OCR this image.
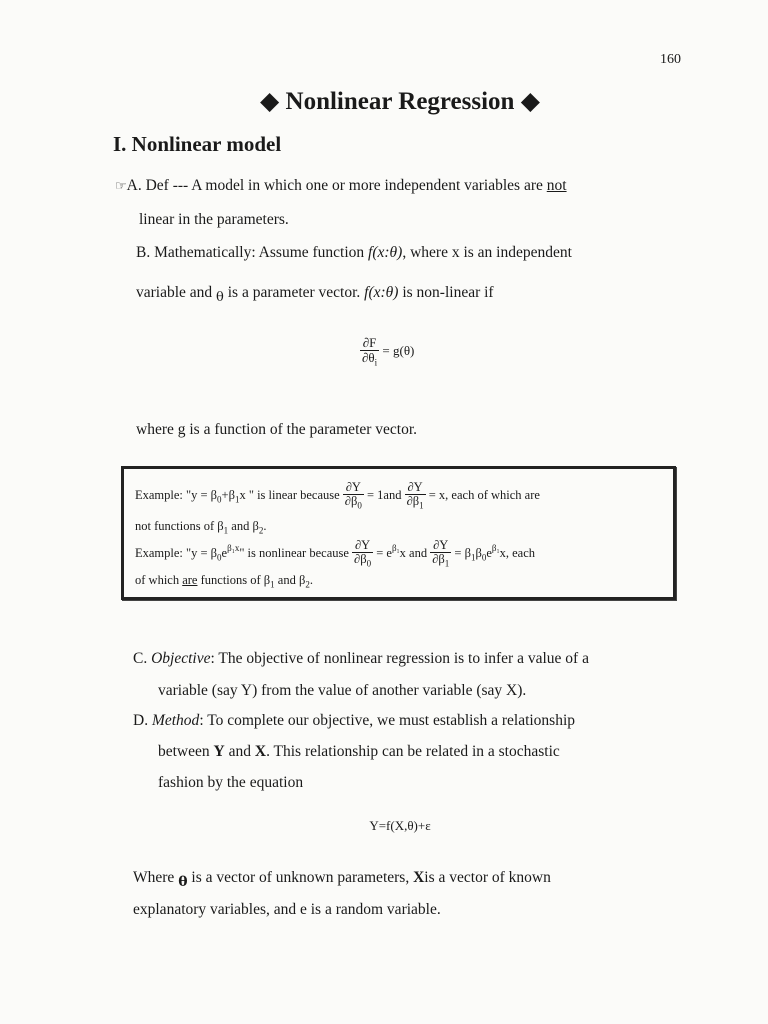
160
◆ Nonlinear Regression ◆
I. Nonlinear model
☞A. Def --- A model in which one or more independent variables are not
linear in the parameters.
B. Mathematically: Assume function f(x:θ), where x is an independent
variable and $_\theta$ is a parameter vector. f(x:θ) is non-linear if
$\frac{\partial F}{\partial\theta_i} = g(\theta)$
where g is a function of the parameter vector.
Example: "$y = \beta_0+\beta_1x$ " is linear because $\frac{\partial Y}{\partial\beta_0} = 1and \frac{\partial Y}{\partial\beta_1} = x$, each of which are
not functions of $\beta_1$ and $\beta_2$.
Example: "$y = \beta_0e^{\beta_1x}$" is nonlinear because $\frac{\partial Y}{\partial\beta_0} = e^{\beta_1}x$ and $\frac{\partial Y}{\partial\beta_1} = \beta_1\beta_0e^{\beta_1}x$, each
of which are functions of $\beta_1$ and $\beta_2$.
C. Objective: The objective of nonlinear regression is to infer a value of a
variable (say Y) from the value of another variable (say X).
D. Method: To complete our objective, we must establish a relationship
between Y and X. This relationship can be related in a stochastic
fashion by the equation
Y=f(X,θ)+ε
Where θ is a vector of unknown parameters, Xis a vector of known
explanatory variables, and e is a random variable.
